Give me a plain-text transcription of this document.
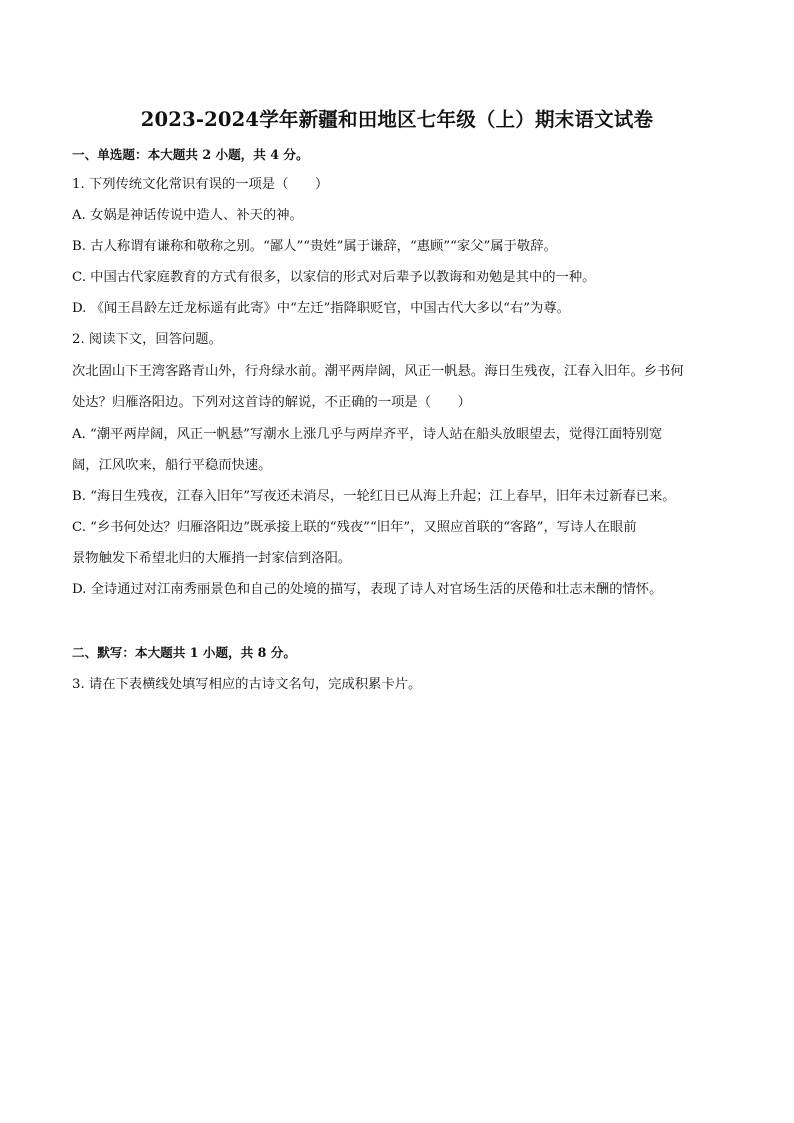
2023-2024学年新疆和田地区七年级（上）期末语文试卷
一、单选题：本大题共 2 小题，共 4 分。
1. 下列传统文化常识有误的一项是（　　）
A. 女娲是神话传说中造人、补天的神。
B. 古人称谓有谦称和敬称之别。“鄙人”“贵姓”属于谦辞，“惠顾”“家父”属于敬辞。
C. 中国古代家庭教育的方式有很多，以家信的形式对后辈予以教诲和劝勉是其中的一种。
D. 《闻王昌龄左迁龙标遥有此寄》中“左迁”指降职贬官，中国古代大多以“右”为尊。
2. 阅读下文，回答问题。
次北固山下王湾客路青山外，行舟绿水前。潮平两岸阔，风正一帆悬。海日生残夜，江春入旧年。乡书何
处达？归雁洛阳边。下列对这首诗的解说，不正确的一项是（　　）
A. “潮平两岸阔，风正一帆悬”写潮水上涨几乎与两岸齐平，诗人站在船头放眼望去，觉得江面特别宽
阔，江风吹来，船行平稳而快速。
B. “海日生残夜，江春入旧年”写夜还未消尽，一轮红日已从海上升起；江上春早，旧年未过新春已来。
C. “乡书何处达？归雁洛阳边”既承接上联的“残夜”“旧年”，又照应首联的“客路”，写诗人在眼前
景物触发下希望北归的大雁捎一封家信到洛阳。
D. 全诗通过对江南秀丽景色和自己的处境的描写，表现了诗人对官场生活的厌倦和壮志未酬的情怀。
二、默写：本大题共 1 小题，共 8 分。
3. 请在下表横线处填写相应的古诗文名句，完成积累卡片。
